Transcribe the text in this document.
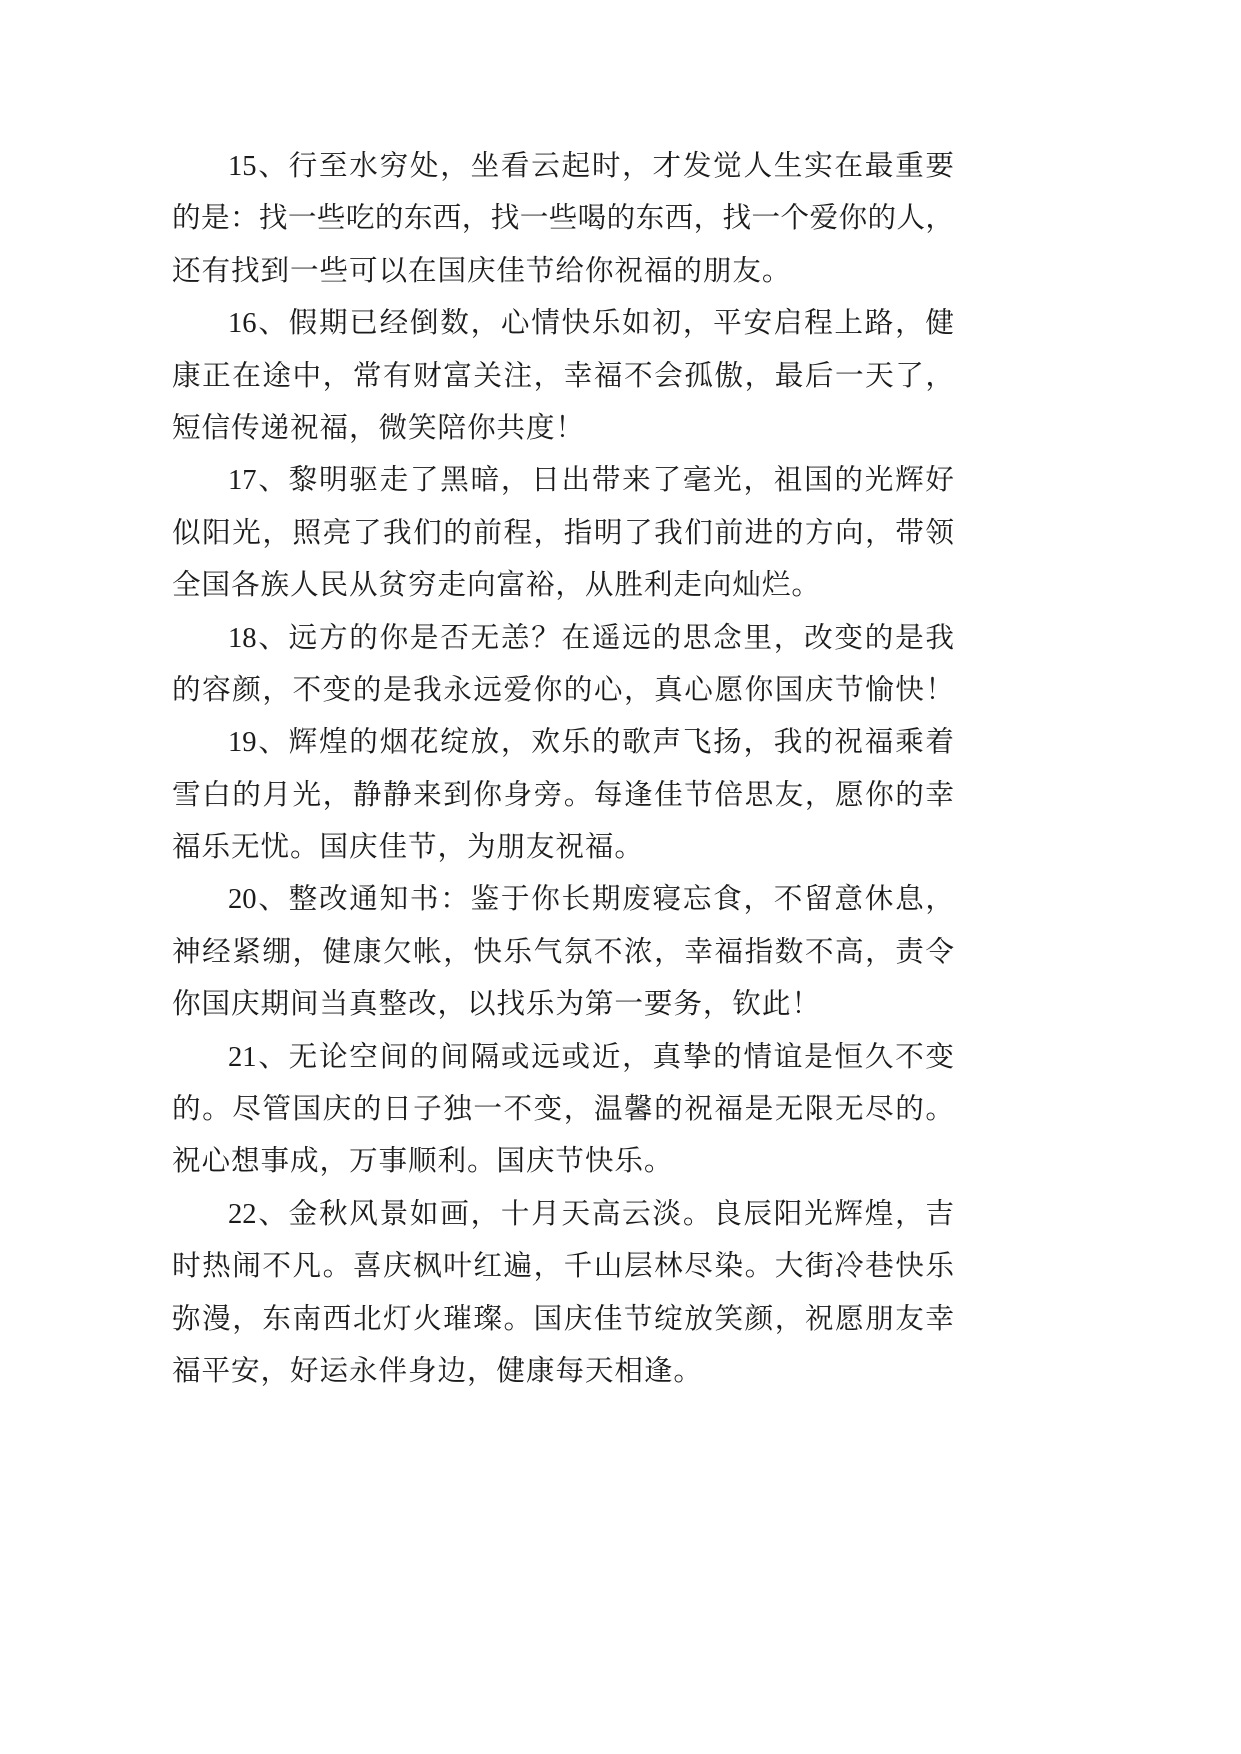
15、行至水穷处，坐看云起时，才发觉人生实在最重要
的是：找一些吃的东西，找一些喝的东西，找一个爱你的人，
还有找到一些可以在国庆佳节给你祝福的朋友。
16、假期已经倒数，心情快乐如初，平安启程上路，健
康正在途中，常有财富关注，幸福不会孤傲，最后一天了，
短信传递祝福，微笑陪你共度！
17、黎明驱走了黑暗，日出带来了毫光，祖国的光辉好
似阳光，照亮了我们的前程，指明了我们前进的方向，带领
全国各族人民从贫穷走向富裕，从胜利走向灿烂。
18、远方的你是否无恙？在遥远的思念里，改变的是我
的容颜，不变的是我永远爱你的心，真心愿你国庆节愉快！
19、辉煌的烟花绽放，欢乐的歌声飞扬，我的祝福乘着
雪白的月光，静静来到你身旁。每逢佳节倍思友，愿你的幸
福乐无忧。国庆佳节，为朋友祝福。
20、整改通知书：鉴于你长期废寝忘食，不留意休息，
神经紧绷，健康欠帐，快乐气氛不浓，幸福指数不高，责令
你国庆期间当真整改，以找乐为第一要务，钦此！
21、无论空间的间隔或远或近，真挚的情谊是恒久不变
的。尽管国庆的日子独一不变，温馨的祝福是无限无尽的。
祝心想事成，万事顺利。国庆节快乐。
22、金秋风景如画，十月天高云淡。良辰阳光辉煌，吉
时热闹不凡。喜庆枫叶红遍，千山层林尽染。大街冷巷快乐
弥漫，东南西北灯火璀璨。国庆佳节绽放笑颜，祝愿朋友幸
福平安，好运永伴身边，健康每天相逢。
